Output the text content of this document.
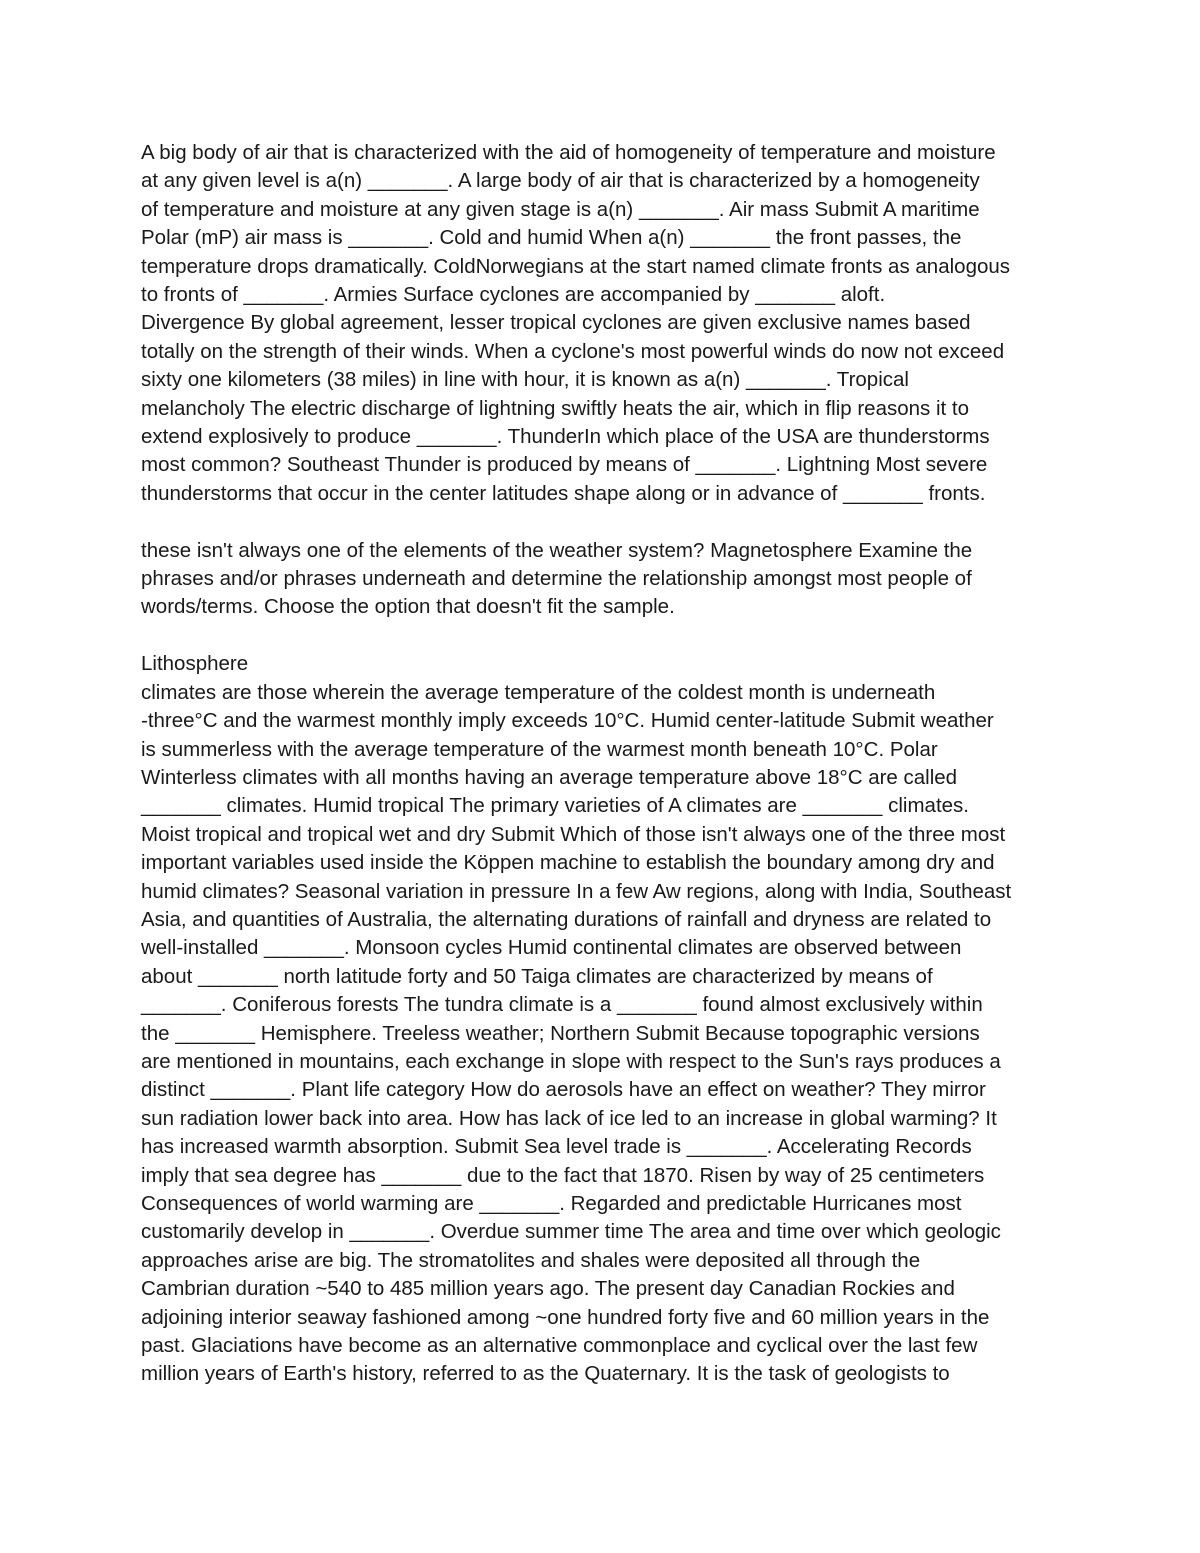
A big body of air that is characterized with the aid of homogeneity of temperature and moisture
at any given level is a(n) _______. A large body of air that is characterized by a homogeneity
of temperature and moisture at any given stage is a(n) _______. Air mass Submit A maritime
Polar (mP) air mass is _______. Cold and humid When a(n) _______ the front passes, the
temperature drops dramatically. ColdNorwegians at the start named climate fronts as analogous
to fronts of _______. Armies Surface cyclones are accompanied by _______ aloft.
Divergence By global agreement, lesser tropical cyclones are given exclusive names based
totally on the strength of their winds. When a cyclone's most powerful winds do now not exceed
sixty one kilometers (38 miles) in line with hour, it is known as a(n) _______. Tropical
melancholy The electric discharge of lightning swiftly heats the air, which in flip reasons it to
extend explosively to produce _______. ThunderIn which place of the USA are thunderstorms
most common? Southeast Thunder is produced by means of _______. Lightning Most severe
thunderstorms that occur in the center latitudes shape along or in advance of _______ fronts.

these isn't always one of the elements of the weather system? Magnetosphere Examine the
phrases and/or phrases underneath and determine the relationship amongst most people of
words/terms. Choose the option that doesn't fit the sample.

Lithosphere
climates are those wherein the average temperature of the coldest month is underneath
-three°C and the warmest monthly imply exceeds 10°C. Humid center-latitude Submit weather
is summerless with the average temperature of the warmest month beneath 10°C. Polar
Winterless climates with all months having an average temperature above 18°C are called
_______ climates. Humid tropical The primary varieties of A climates are _______ climates.
Moist tropical and tropical wet and dry Submit Which of those isn't always one of the three most
important variables used inside the Köppen machine to establish the boundary among dry and
humid climates? Seasonal variation in pressure In a few Aw regions, along with India, Southeast
Asia, and quantities of Australia, the alternating durations of rainfall and dryness are related to
well-installed _______. Monsoon cycles Humid continental climates are observed between
about _______ north latitude forty and 50 Taiga climates are characterized by means of
_______. Coniferous forests The tundra climate is a _______ found almost exclusively within
the _______ Hemisphere. Treeless weather; Northern Submit Because topographic versions
are mentioned in mountains, each exchange in slope with respect to the Sun's rays produces a
distinct _______. Plant life category How do aerosols have an effect on weather? They mirror
sun radiation lower back into area. How has lack of ice led to an increase in global warming? It
has increased warmth absorption. Submit Sea level trade is _______. Accelerating Records
imply that sea degree has _______ due to the fact that 1870. Risen by way of 25 centimeters
Consequences of world warming are _______. Regarded and predictable Hurricanes most
customarily develop in _______. Overdue summer time The area and time over which geologic
approaches arise are big. The stromatolites and shales were deposited all through the
Cambrian duration ~540 to 485 million years ago. The present day Canadian Rockies and
adjoining interior seaway fashioned among ~one hundred forty five and 60 million years in the
past. Glaciations have become as an alternative commonplace and cyclical over the last few
million years of Earth's history, referred to as the Quaternary. It is the task of geologists to
